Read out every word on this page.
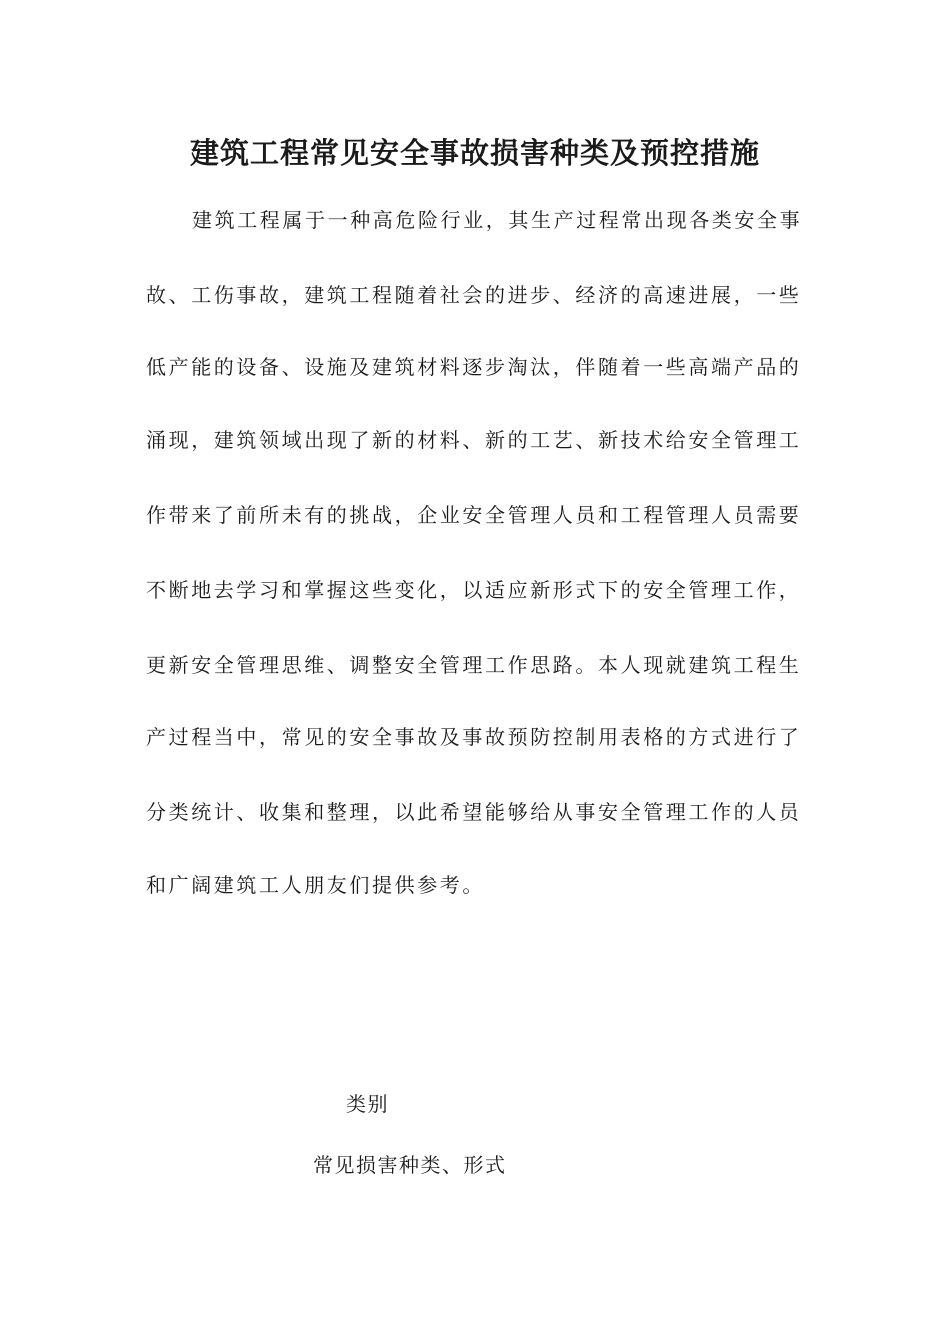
建筑工程常见安全事故损害种类及预控措施

建筑工程属于一种高危险行业，其生产过程常出现各类安全事

故、工伤事故，建筑工程随着社会的进步、经济的高速进展，一些

低产能的设备、设施及建筑材料逐步淘汰，伴随着一些高端产品的

涌现，建筑领域出现了新的材料、新的工艺、新技术给安全管理工

作带来了前所未有的挑战，企业安全管理人员和工程管理人员需要

不断地去学习和掌握这些变化，以适应新形式下的安全管理工作，

更新安全管理思维、调整安全管理工作思路。本人现就建筑工程生

产过程当中，常见的安全事故及事故预防控制用表格的方式进行了

分类统计、收集和整理，以此希望能够给从事安全管理工作的人员

和广阔建筑工人朋友们提供参考。

类别

常见损害种类、形式
